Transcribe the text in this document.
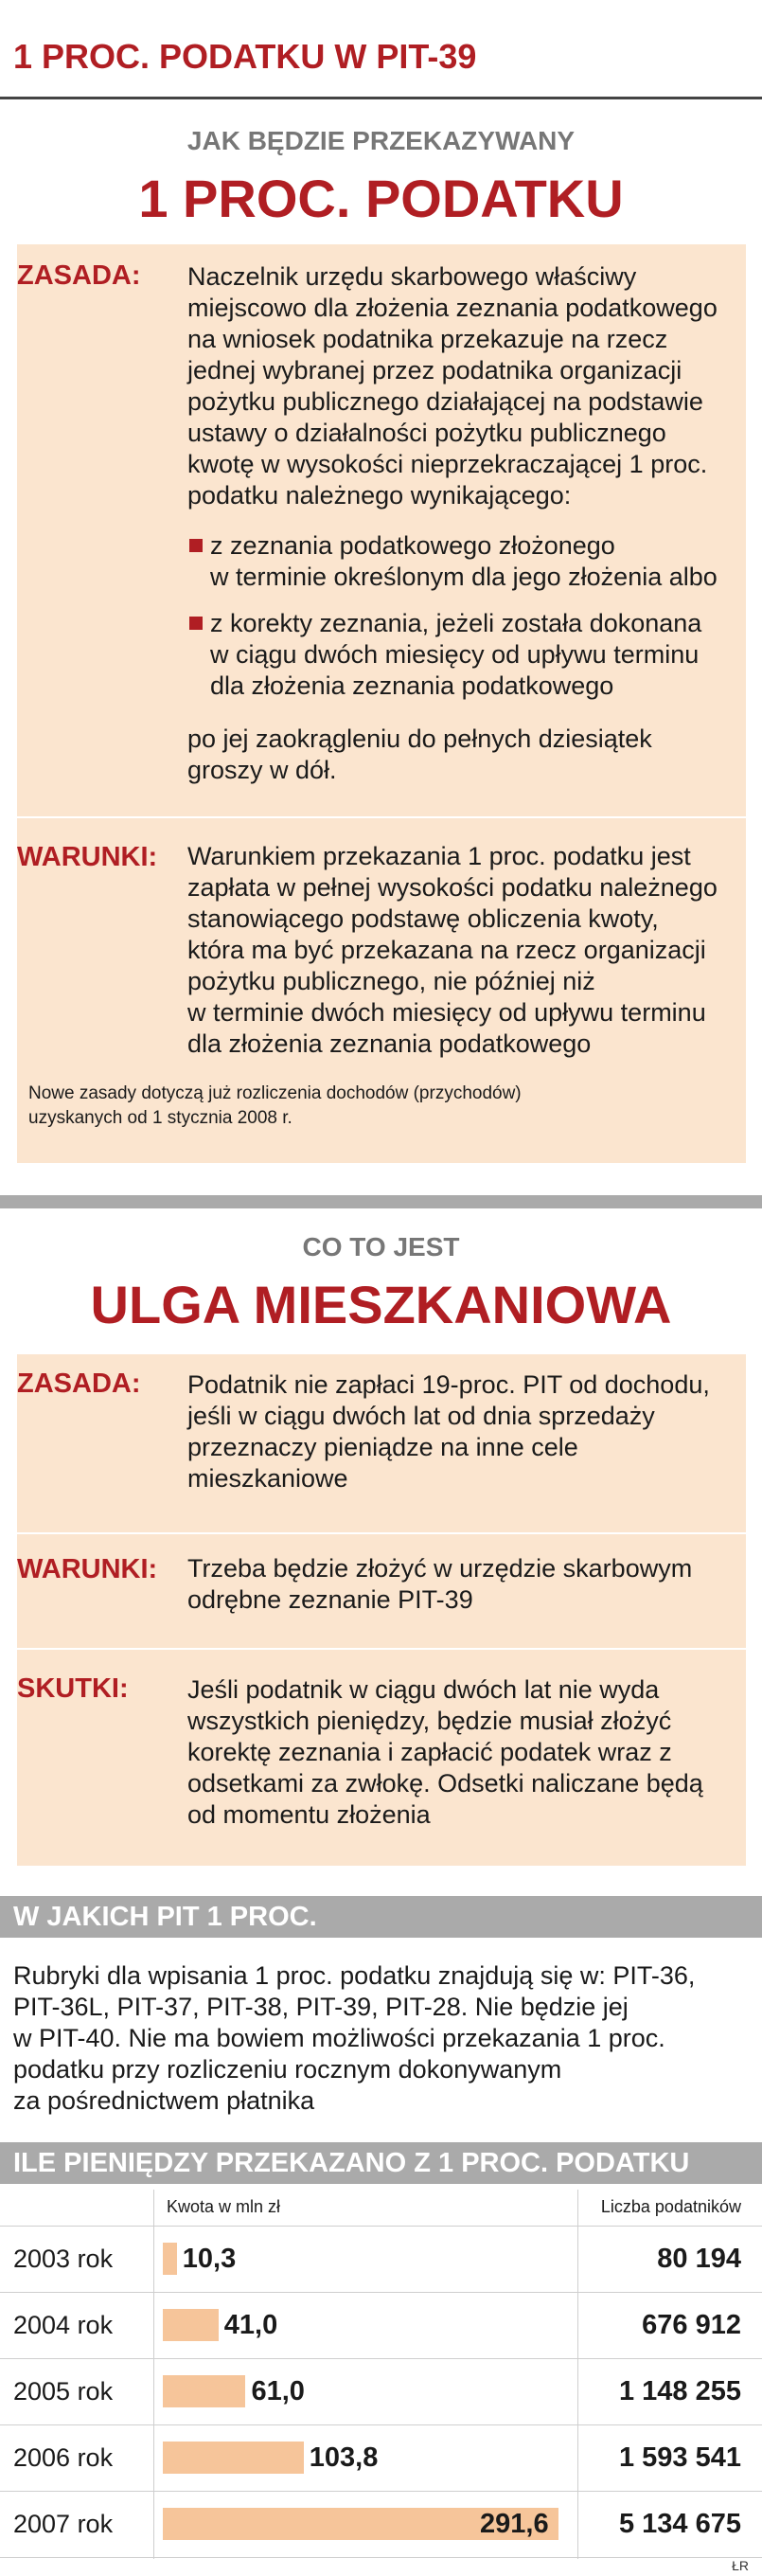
1 PROC. PODATKU W PIT-39
JAK BĘDZIE PRZEKAZYWANY
1 PROC. PODATKU
ZASADA: Naczelnik urzędu skarbowego właściwy
miejscowo dla złożenia zeznania podatkowego
na wniosek podatnika przekazuje na rzecz
jednej wybranej przez podatnika organizacji
pożytku publicznego działającej na podstawie
ustawy o działalności pożytku publicznego
kwotę w wysokości nieprzekraczającej 1 proc.
podatku należnego wynikającego:
z zeznania podatkowego złożonego
w terminie określonym dla jego złożenia albo
z korekty zeznania, jeżeli została dokonana
w ciągu dwóch miesięcy od upływu terminu
dla złożenia zeznania podatkowego
po jej zaokrągleniu do pełnych dziesiątek
groszy w dół.
WARUNKI: Warunkiem przekazania 1 proc. podatku jest
zapłata w pełnej wysokości podatku należnego
stanowiącego podstawę obliczenia kwoty,
która ma być przekazana na rzecz organizacji
pożytku publicznego, nie później niż
w terminie dwóch miesięcy od upływu terminu
dla złożenia zeznania podatkowego
Nowe zasady dotyczą już rozliczenia dochodów (przychodów)
uzyskanych od 1 stycznia 2008 r.
CO TO JEST
ULGA MIESZKANIOWA
ZASADA: Podatnik nie zapłaci 19-proc. PIT od dochodu,
jeśli w ciągu dwóch lat od dnia sprzedaży
przeznaczy pieniądze na inne cele
mieszkaniowe
WARUNKI: Trzeba będzie złożyć w urzędzie skarbowym
odrębne zeznanie PIT-39
SKUTKI: Jeśli podatnik w ciągu dwóch lat nie wyda
wszystkich pieniędzy, będzie musiał złożyć
korektę zeznania i zapłacić podatek wraz z
odsetkami za zwłokę. Odsetki naliczane będą
od momentu złożenia
W JAKICH PIT 1 PROC.
Rubryki dla wpisania 1 proc. podatku znajdują się w: PIT-36,
PIT-36L, PIT-37, PIT-38, PIT-39, PIT-28. Nie będzie jej
w PIT-40. Nie ma bowiem możliwości przekazania 1 proc.
podatku przy rozliczeniu rocznym dokonywanym
za pośrednictwem płatnika
ILE PIENIĘDZY PRZEKAZANO Z 1 PROC. PODATKU
Kwota w mln zł	Liczba podatników
2003 rok	10,3	80 194
2004 rok	41,0	676 912
2005 rok	61,0	1 148 255
2006 rok	103,8	1 593 541
2007 rok	291,6	5 134 675
ŁR
